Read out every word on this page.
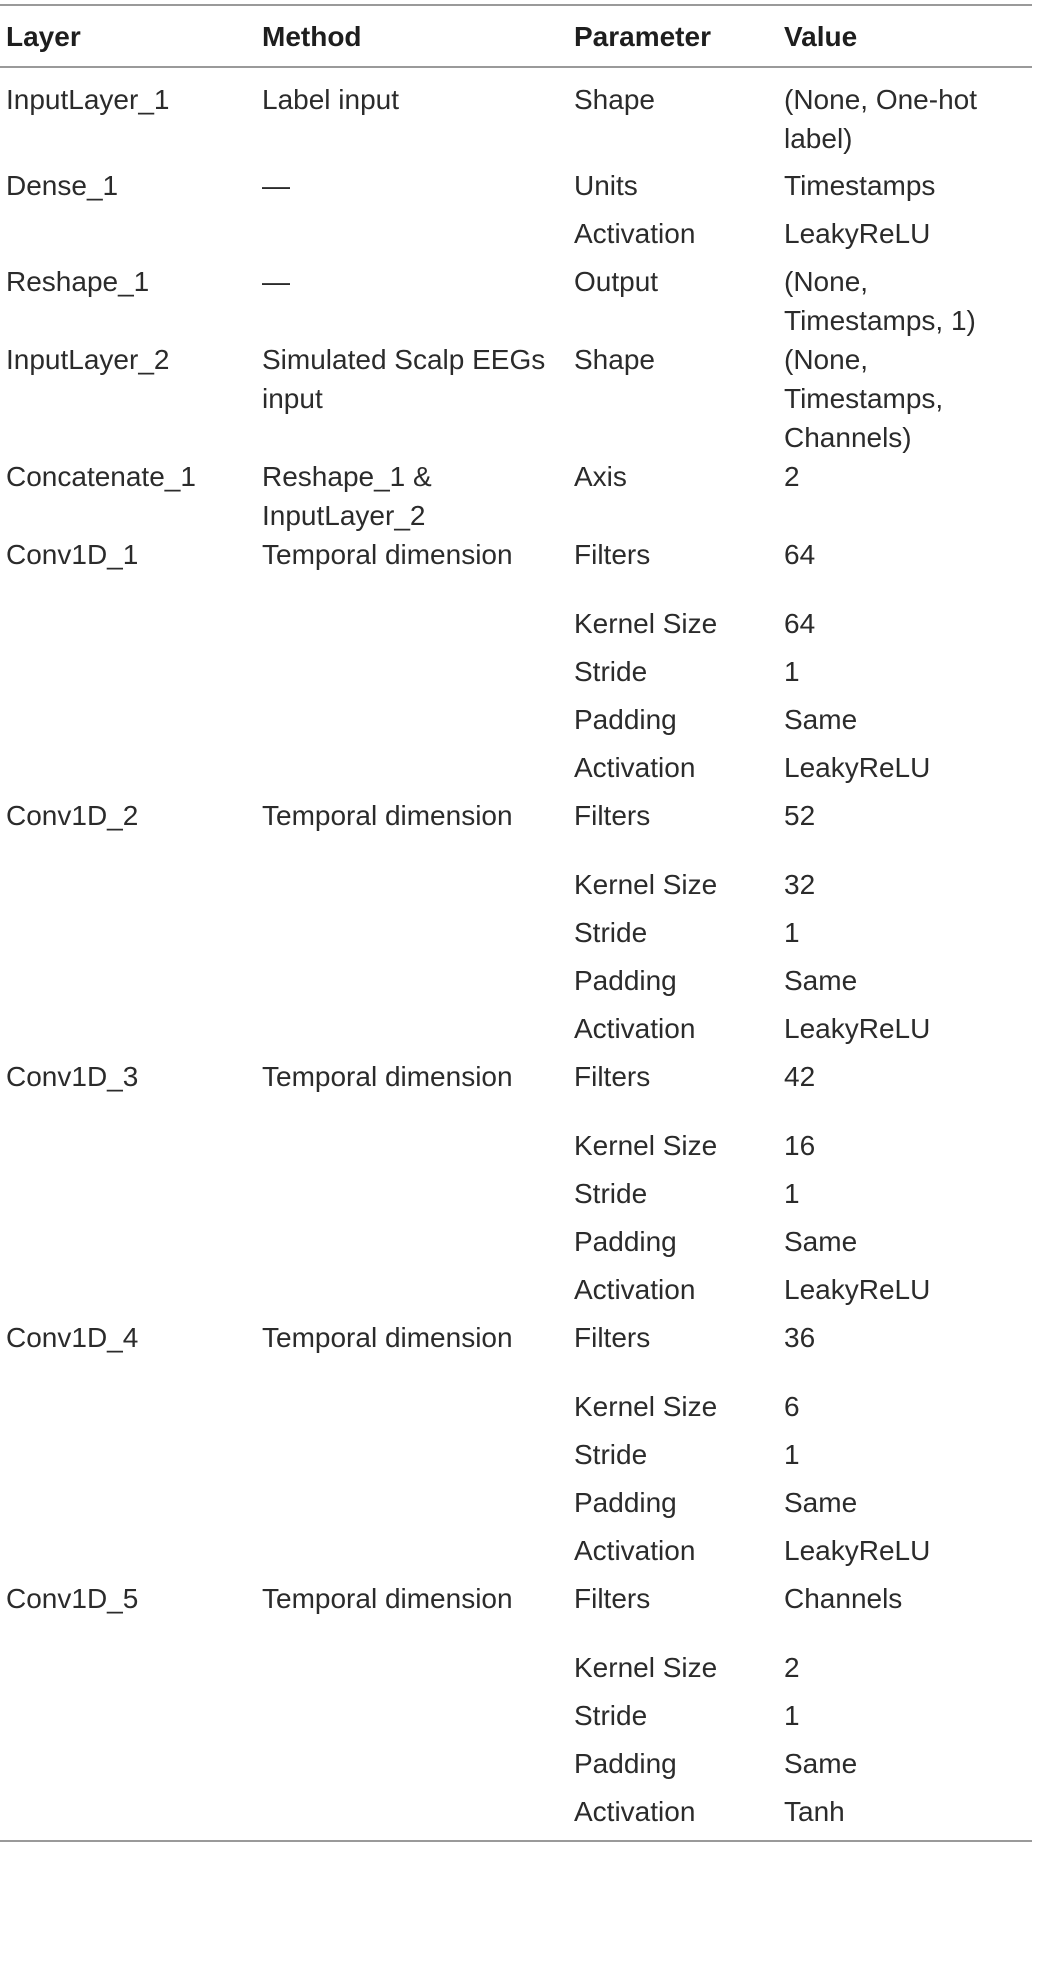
Layer	Method	Parameter	Value
InputLayer_1	Label input	Shape	(None, One-hot label)
Dense_1	—	Units	Timestamps
		Activation	LeakyReLU
Reshape_1	—	Output	(None, Timestamps, 1)
InputLayer_2	Simulated Scalp EEGs input	Shape	(None, Timestamps, Channels)
Concatenate_1	Reshape_1 & InputLayer_2	Axis	2
Conv1D_1	Temporal dimension	Filters	64
		Kernel Size	64
		Stride	1
		Padding	Same
		Activation	LeakyReLU
Conv1D_2	Temporal dimension	Filters	52
		Kernel Size	32
		Stride	1
		Padding	Same
		Activation	LeakyReLU
Conv1D_3	Temporal dimension	Filters	42
		Kernel Size	16
		Stride	1
		Padding	Same
		Activation	LeakyReLU
Conv1D_4	Temporal dimension	Filters	36
		Kernel Size	6
		Stride	1
		Padding	Same
		Activation	LeakyReLU
Conv1D_5	Temporal dimension	Filters	Channels
		Kernel Size	2
		Stride	1
		Padding	Same
		Activation	Tanh
